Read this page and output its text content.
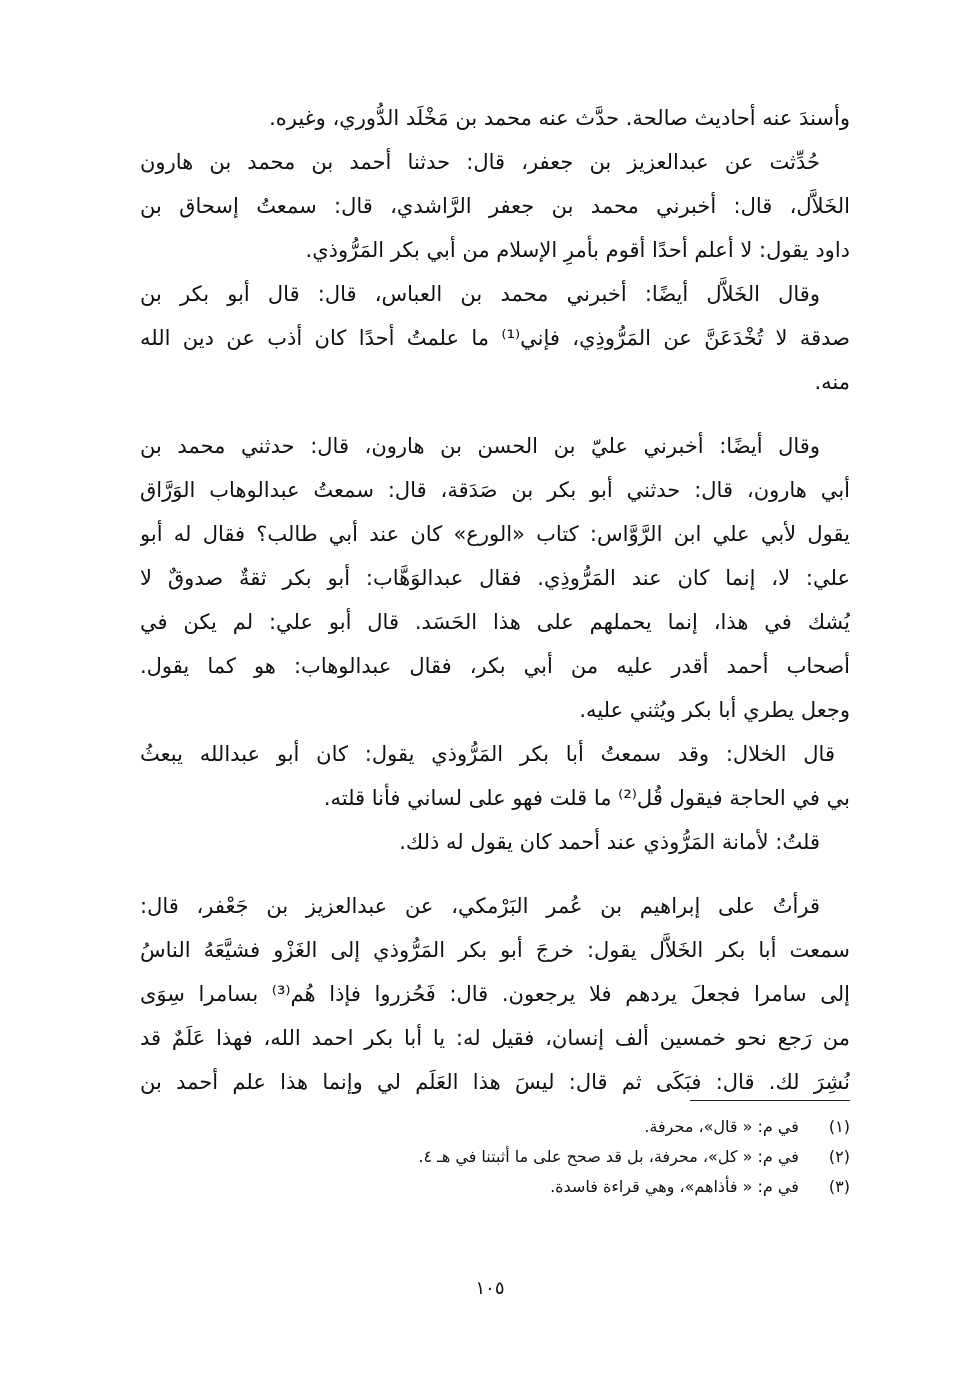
وأسندَ عنه أحاديث صالحة. حدَّث عنه محمد بن مَخْلَد الدُّوري، وغيره.
حُدِّثت عن عبدالعزيز بن جعفر، قال: حدثنا أحمد بن محمد بن هارون
الخَلاَّل، قال: أخبرني محمد بن جعفر الرَّاشدي، قال: سمعتُ إسحاق بن
داود يقول: لا أعلم أحدًا أقوم بأمرِ الإسلام من أبي بكر المَرُّوذي.
وقال الخَلاَّل أيضًا: أخبرني محمد بن العباس، قال: قال أبو بكر بن
صدقة لا تُخْدَعَنَّ عن المَرُّوذِي، فإني⁽¹⁾ ما علمتُ أحدًا كان أذب عن دين الله
منه.
وقال أيضًا: أخبرني عليّ بن الحسن بن هارون، قال: حدثني محمد بن
أبي هارون، قال: حدثني أبو بكر بن صَدَقة، قال: سمعتُ عبدالوهاب الوَرَّاق
يقول لأبي علي ابن الرَّوَّاس: كتاب «الورع» كان عند أبي طالب؟ فقال له أبو
علي: لا، إنما كان عند المَرُّوذِي. فقال عبدالوَهَّاب: أبو بكر ثقةٌ صدوقٌ لا
يُشك في هذا، إنما يحملهم على هذا الحَسَد. قال أبو علي: لم يكن في
أصحاب أحمد أقدر عليه من أبي بكر، فقال عبدالوهاب: هو كما يقول.
وجعل يطري أبا بكر ويُثني عليه.
قال الخلال: وقد سمعتُ أبا بكر المَرُّوذي يقول: كان أبو عبدالله يبعثُ
بي في الحاجة فيقول قُل⁽²⁾ ما قلت فهو على لساني فأنا قلته.
قلتُ: لأمانة المَرُّوذي عند أحمد كان يقول له ذلك.
قرأتُ على إبراهيم بن عُمر البَرْمكي، عن عبدالعزيز بن جَعْفر، قال:
سمعت أبا بكر الخَلاَّل يقول: خرجَ أبو بكر المَرُّوذي إلى الغَزْو فشيَّعَهُ الناسُ
إلى سامرا فجعلَ يردهم فلا يرجعون. قال: فَحُزروا فإذا هُم⁽³⁾ بسامرا سِوَى
من رَجع نحو خمسين ألف إنسان، فقيل له: يا أبا بكر احمد الله، فهذا عَلَمٌ قد
نُشِرَ لك. قال: فبَكَى ثم قال: ليسَ هذا العَلَم لي وإنما هذا علم أحمد بن
(١) في م: « قال»، محرفة.
(٢) في م: « كل»، محرفة، بل قد صحح على ما أثبتنا في هـ ٤.
(٣) في م: « فأذاهم»، وهي قراءة فاسدة.
١٠٥
